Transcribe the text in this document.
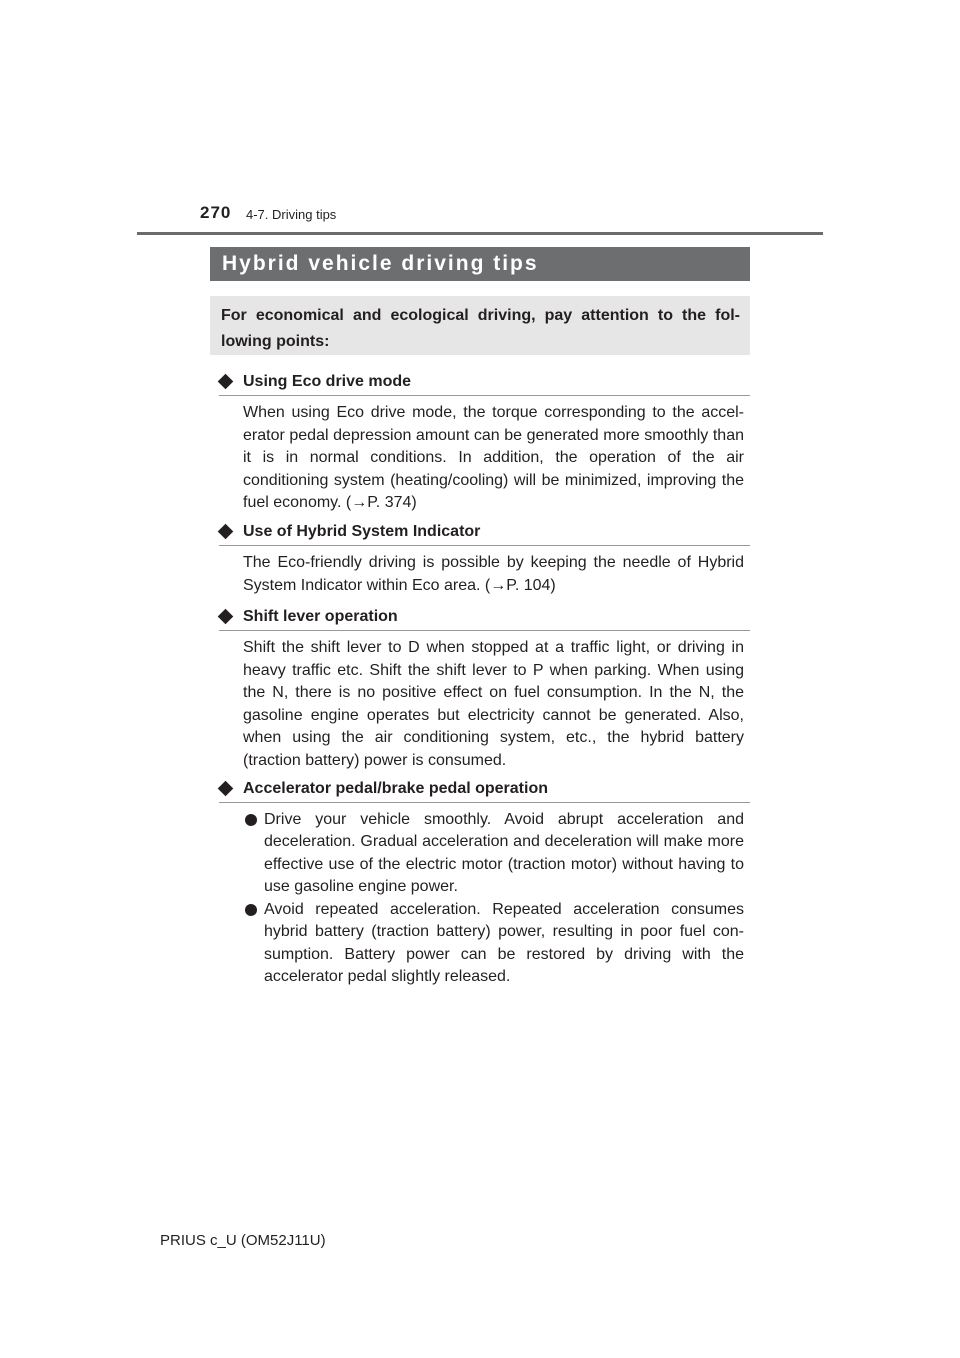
270 4-7. Driving tips
Hybrid vehicle driving tips
For economical and ecological driving, pay attention to the fol-lowing points:
Using Eco drive mode
When using Eco drive mode, the torque corresponding to the accel-erator pedal depression amount can be generated more smoothly than it is in normal conditions. In addition, the operation of the air conditioning system (heating/cooling) will be minimized, improving the fuel economy. (→P. 374)
Use of Hybrid System Indicator
The Eco-friendly driving is possible by keeping the needle of Hybrid System Indicator within Eco area. (→P. 104)
Shift lever operation
Shift the shift lever to D when stopped at a traffic light, or driving in heavy traffic etc. Shift the shift lever to P when parking. When using the N, there is no positive effect on fuel consumption. In the N, the gasoline engine operates but electricity cannot be generated. Also, when using the air conditioning system, etc., the hybrid battery (traction battery) power is consumed.
Accelerator pedal/brake pedal operation
Drive your vehicle smoothly. Avoid abrupt acceleration and deceleration. Gradual acceleration and deceleration will make more effective use of the electric motor (traction motor) without having to use gasoline engine power.
Avoid repeated acceleration. Repeated acceleration consumes hybrid battery (traction battery) power, resulting in poor fuel con-sumption. Battery power can be restored by driving with the accelerator pedal slightly released.
PRIUS c_U (OM52J11U)
